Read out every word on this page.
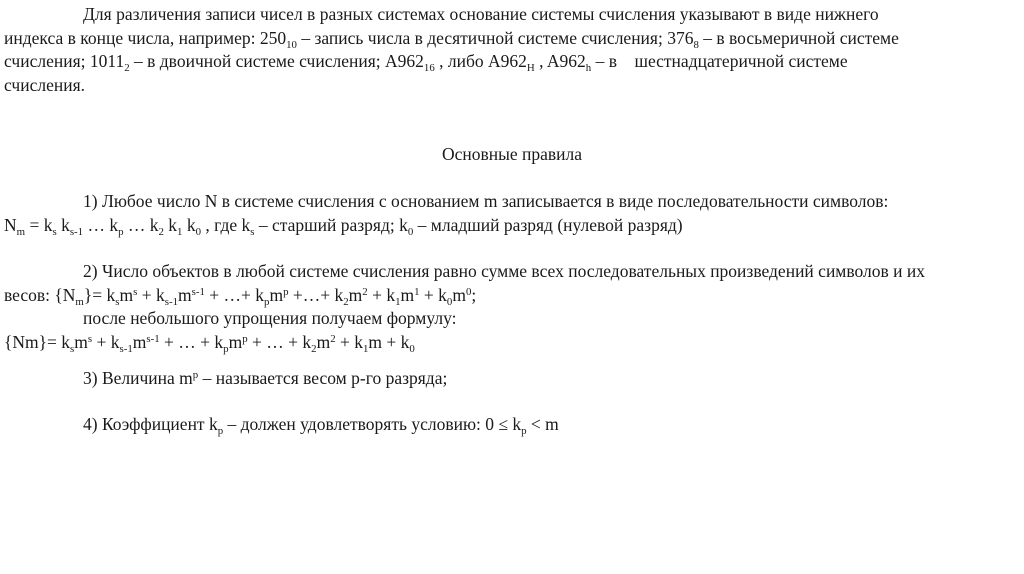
Для различения записи чисел в разных системах основание системы счисления указывают в виде нижнего
индекса в конце числа, например: $250_{10}$ – запись числа в десятичной системе счисления; $376_8$ – в восьмеричной системе
счисления; $1011_2$ – в двоичной системе счисления; $A962_{16}$ , либо $A962_H$ , $A962_h$ – в    шестнадцатеричной системе
счисления.
Основные правила
1) Любое число N в системе счисления с основанием m записывается в виде последовательности символов:
$N_m = k_s$ $k_{s-1}$ … $k_p$ … $k_2$ $k_1$ $k_0$ , где $k_s$ – старший разряд; $k_0$ – младший разряд (нулевой разряд)
2) Число объектов в любой системе счисления равно сумме всех последовательных произведений символов и их
весов: $\{N_m\}= k_sm^s + k_{s-1}m^{s-1}$ + …+ $k_pm^p$ +…+ $k_2m^2 + k_1m^1 + k_0m^0$;
после небольшого упрощения получаем формулу:
$\{Nm\}= k_sm^s + k_{s-1}m^{s-1}$ + … + $k_pm^p$ + … + $k_2m^2 + k_1m + k_0$
3) Величина $m^p$ – называется весом p-го разряда;
4) Коэффициент $k_p$ – должен удовлетворять условию: $0 \le k_p < m$
